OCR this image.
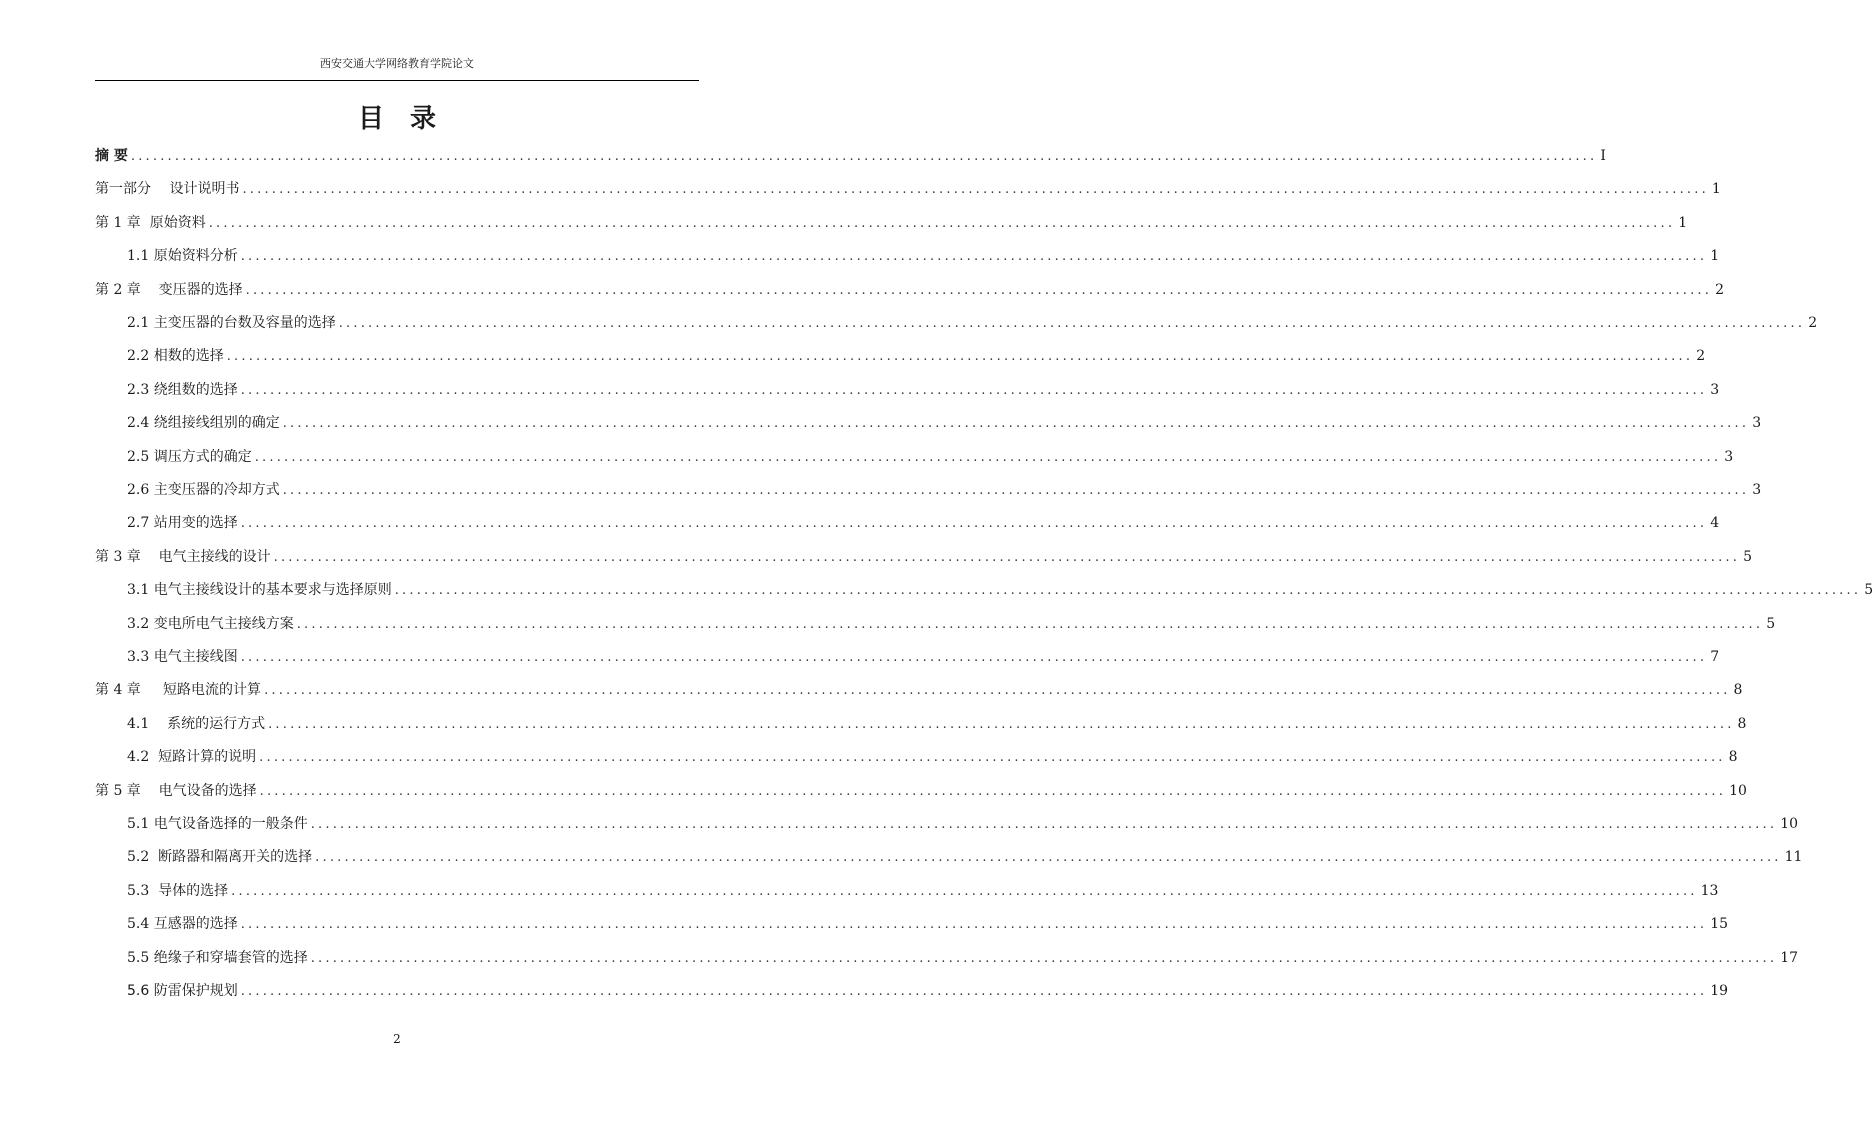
西安交通大学网络教育学院论文
目　录
摘 要 ........................................................................................................................................................................................................ I
第一部分　 设计说明书 ........................................................................................................................................................................................................ 1
第 1 章  原始资料 ........................................................................................................................................................................................................ 1
1.1 原始资料分析 ........................................................................................................................................................................................................ 1
第 2 章    变压器的选择 ........................................................................................................................................................................................................ 2
2.1 主变压器的台数及容量的选择 ........................................................................................................................................................................................................ 2
2.2 相数的选择 ........................................................................................................................................................................................................ 2
2.3 绕组数的选择 ........................................................................................................................................................................................................ 3
2.4 绕组接线组别的确定 ........................................................................................................................................................................................................ 3
2.5 调压方式的确定 ........................................................................................................................................................................................................ 3
2.6 主变压器的冷却方式 ........................................................................................................................................................................................................ 3
2.7 站用变的选择 ........................................................................................................................................................................................................ 4
第 3 章    电气主接线的设计 ........................................................................................................................................................................................................ 5
3.1 电气主接线设计的基本要求与选择原则 ........................................................................................................................................................................................................ 5
3.2 变电所电气主接线方案 ........................................................................................................................................................................................................ 5
3.3 电气主接线图 ........................................................................................................................................................................................................ 7
第 4 章     短路电流的计算 ........................................................................................................................................................................................................ 8
4.1    系统的运行方式 ........................................................................................................................................................................................................ 8
4.2  短路计算的说明 ........................................................................................................................................................................................................ 8
第 5 章    电气设备的选择 ........................................................................................................................................................................................................ 10
5.1 电气设备选择的一般条件 ........................................................................................................................................................................................................ 10
5.2  断路器和隔离开关的选择 ........................................................................................................................................................................................................ 11
5.3  导体的选择 ........................................................................................................................................................................................................ 13
5.4 互感器的选择 ........................................................................................................................................................................................................ 15
5.5 绝缘子和穿墙套管的选择 ........................................................................................................................................................................................................ 17
5.6 防雷保护规划 ........................................................................................................................................................................................................ 19
2
